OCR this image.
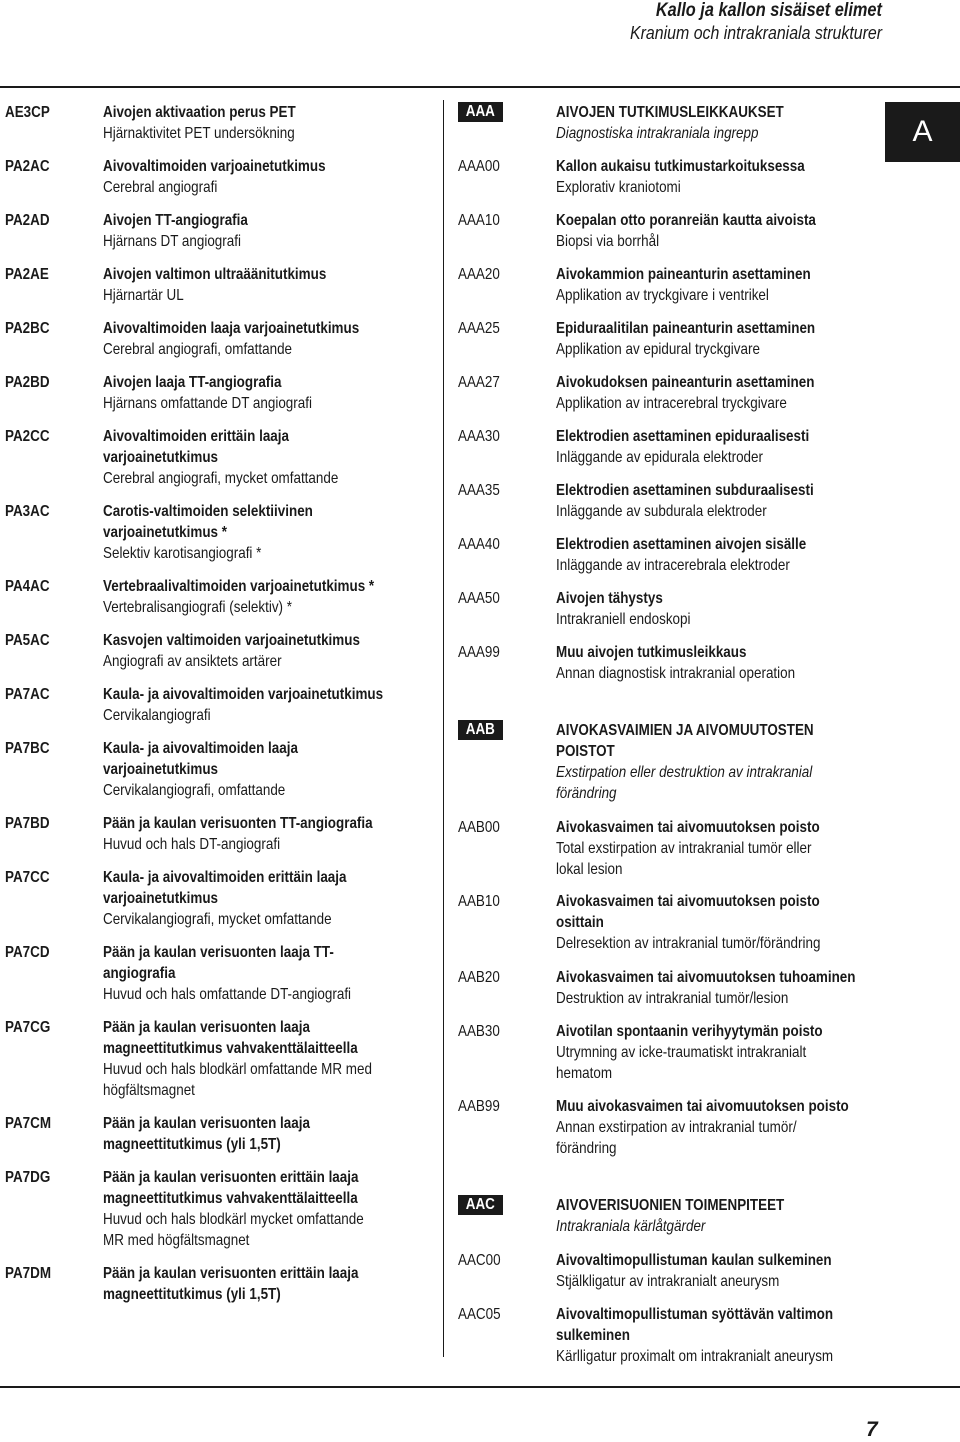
Kallo ja kallon sisäiset elimet
Kranium och intrakraniala strukturer
A
AE3CP	Aivojen aktivaation perus PET
Hjärnaktivitet PET undersökning
PA2AC	Aivovaltimoiden varjoainetutkimus
Cerebral angiografi
PA2AD	Aivojen TT-angiografia
Hjärnans DT angiografi
PA2AE	Aivojen valtimon ultraäänitutkimus
Hjärnartär UL
PA2BC	Aivovaltimoiden laaja varjoainetutkimus
Cerebral angiografi, omfattande
PA2BD	Aivojen laaja TT-angiografia
Hjärnans omfattande DT angiografi
PA2CC	Aivovaltimoiden erittäin laaja
varjoainetutkimus
Cerebral angiografi, mycket omfattande
PA3AC	Carotis-valtimoiden selektiivinen
varjoainetutkimus *
Selektiv karotisangiografi *
PA4AC	Vertebraalivaltimoiden varjoainetutkimus *
Vertebralisangiografi (selektiv) *
PA5AC	Kasvojen valtimoiden varjoainetutkimus
Angiografi av ansiktets artärer
PA7AC	Kaula- ja aivovaltimoiden varjoainetutkimus
Cervikalangiografi
PA7BC	Kaula- ja aivovaltimoiden laaja
varjoainetutkimus
Cervikalangiografi, omfattande
PA7BD	Pään ja kaulan verisuonten TT-angiografia
Huvud och hals DT-angiografi
PA7CC	Kaula- ja aivovaltimoiden erittäin laaja
varjoainetutkimus
Cervikalangiografi, mycket omfattande
PA7CD	Pään ja kaulan verisuonten laaja TT-
angiografia
Huvud och hals omfattande DT-angiografi
PA7CG	Pään ja kaulan verisuonten laaja
magneettitutkimus vahvakenttälaitteella
Huvud och hals blodkärl omfattande MR med
högfältsmagnet
PA7CM	Pään ja kaulan verisuonten laaja
magneettitutkimus (yli 1,5T)
PA7DG	Pään ja kaulan verisuonten erittäin laaja
magneettitutkimus vahvakenttälaitteella
Huvud och hals blodkärl mycket omfattande
MR med högfältsmagnet
PA7DM	Pään ja kaulan verisuonten erittäin laaja
magneettitutkimus (yli 1,5T)
AAA	AIVOJEN TUTKIMUSLEIKKAUKSET
Diagnostiska intrakraniala ingrepp
AAA00	Kallon aukaisu tutkimustarkoituksessa
Explorativ kraniotomi
AAA10	Koepalan otto poranreiän kautta aivoista
Biopsi via borrhål
AAA20	Aivokammion paineanturin asettaminen
Applikation av tryckgivare i ventrikel
AAA25	Epiduraalitilan paineanturin asettaminen
Applikation av epidural tryckgivare
AAA27	Aivokudoksen paineanturin asettaminen
Applikation av intracerebral tryckgivare
AAA30	Elektrodien asettaminen epiduraalisesti
Inläggande av epidurala elektroder
AAA35	Elektrodien asettaminen subduraalisesti
Inläggande av subdurala elektroder
AAA40	Elektrodien asettaminen aivojen sisälle
Inläggande av intracerebrala elektroder
AAA50	Aivojen tähystys
Intrakraniell endoskopi
AAA99	Muu aivojen tutkimusleikkaus
Annan diagnostisk intrakranial operation
AAB	AIVOKASVAIMIEN JA AIVOMUUTOSTEN
POISTOT
Exstirpation eller destruktion av intrakranial
förändring
AAB00	Aivokasvaimen tai aivomuutoksen poisto
Total exstirpation av intrakranial tumör eller
lokal lesion
AAB10	Aivokasvaimen tai aivomuutoksen poisto
osittain
Delresektion av intrakranial tumör/förändring
AAB20	Aivokasvaimen tai aivomuutoksen tuhoaminen
Destruktion av intrakranial tumör/lesion
AAB30	Aivotilan spontaanin verihyytymän poisto
Utrymning av icke-traumatiskt intrakranialt
hematom
AAB99	Muu aivokasvaimen tai aivomuutoksen poisto
Annan exstirpation av intrakranial tumör/
förändring
AAC	AIVOVERISUONIEN TOIMENPITEET
Intrakraniala kärlåtgärder
AAC00	Aivovaltimopullistuman kaulan sulkeminen
Stjälkligatur av intrakranialt aneurysm
AAC05	Aivovaltimopullistuman syöttävän valtimon
sulkeminen
Kärlligatur proximalt om intrakranialt aneurysm
7
